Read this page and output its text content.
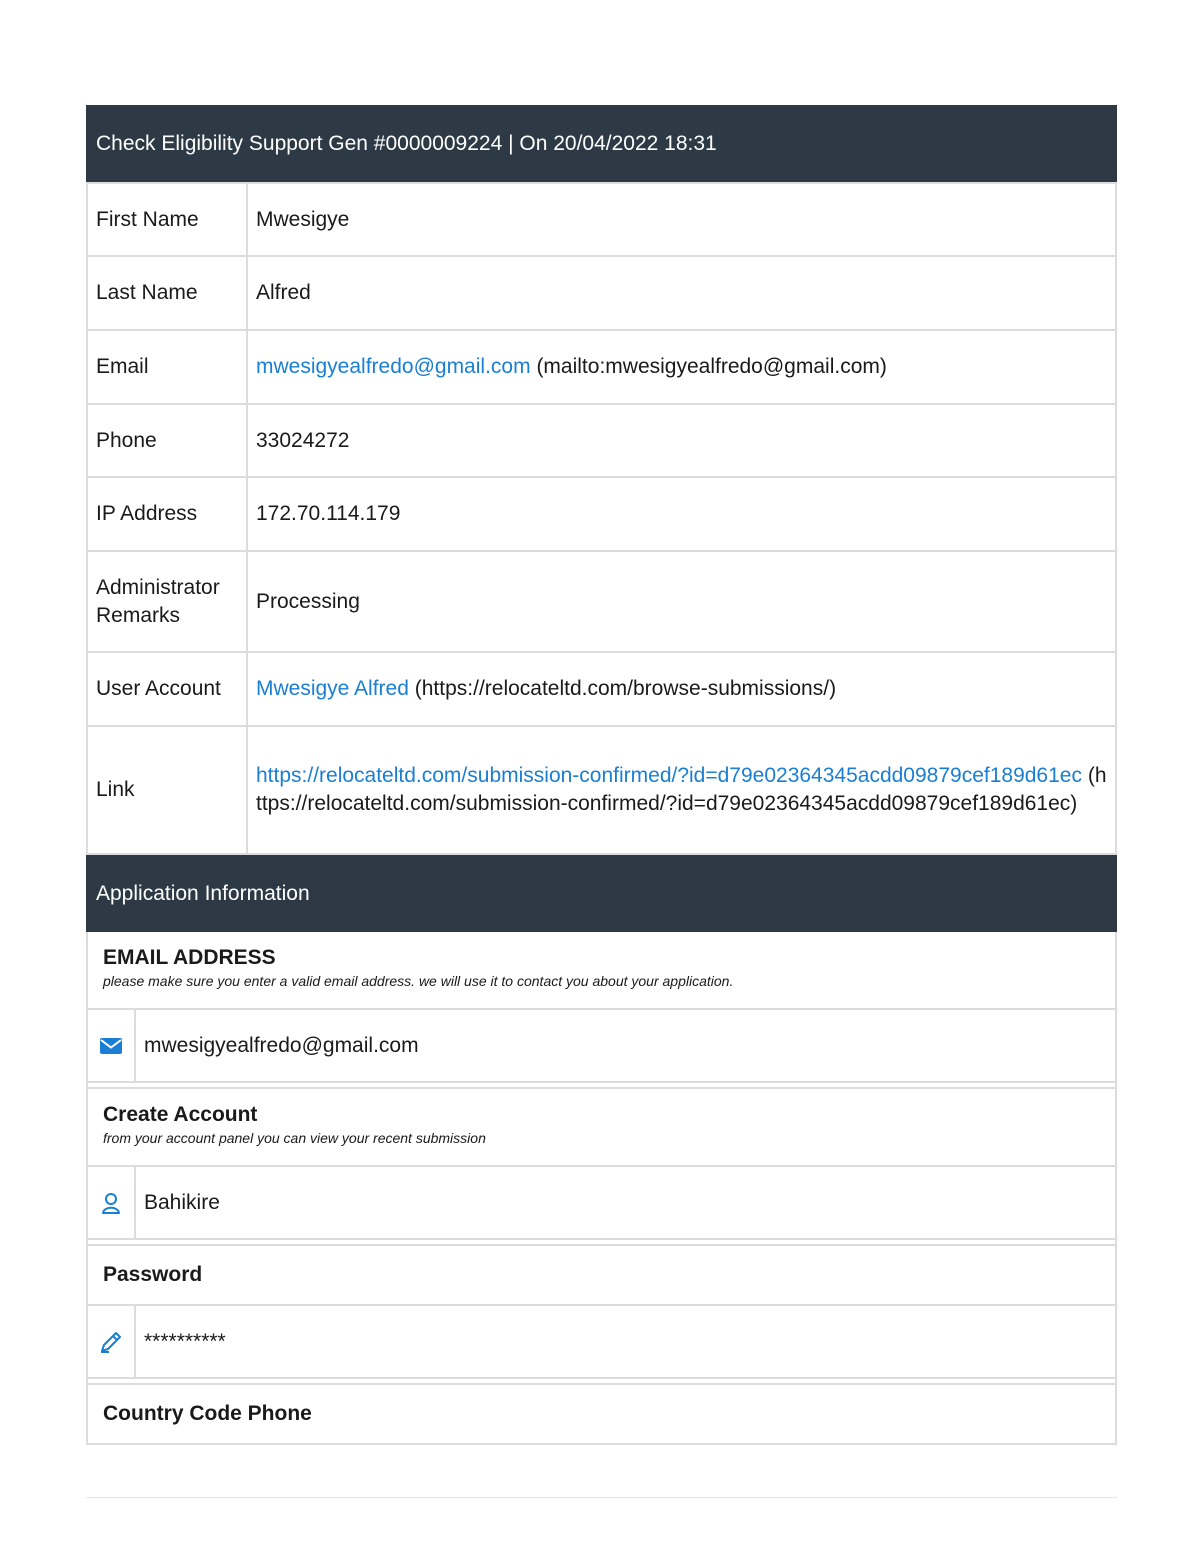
Check Eligibility Support Gen #0000009224 | On 20/04/2022 18:31
First Name	Mwesigye
Last Name	Alfred
Email	mwesigyealfredo@gmail.com (mailto:mwesigyealfredo@gmail.com)
Phone	33024272
IP Address	172.70.114.179
Administrator Remarks	Processing
User Account	Mwesigye Alfred (https://relocateltd.com/browse-submissions/)
Link	https://relocateltd.com/submission-confirmed/?id=d79e02364345acdd09879cef189d61ec (https://relocateltd.com/submission-confirmed/?id=d79e02364345acdd09879cef189d61ec)
Application Information
EMAIL ADDRESS
please make sure you enter a valid email address. we will use it to contact you about your application.
mwesigyealfredo@gmail.com
Create Account
from your account panel you can view your recent submission
Bahikire
Password
**********
Country Code Phone
